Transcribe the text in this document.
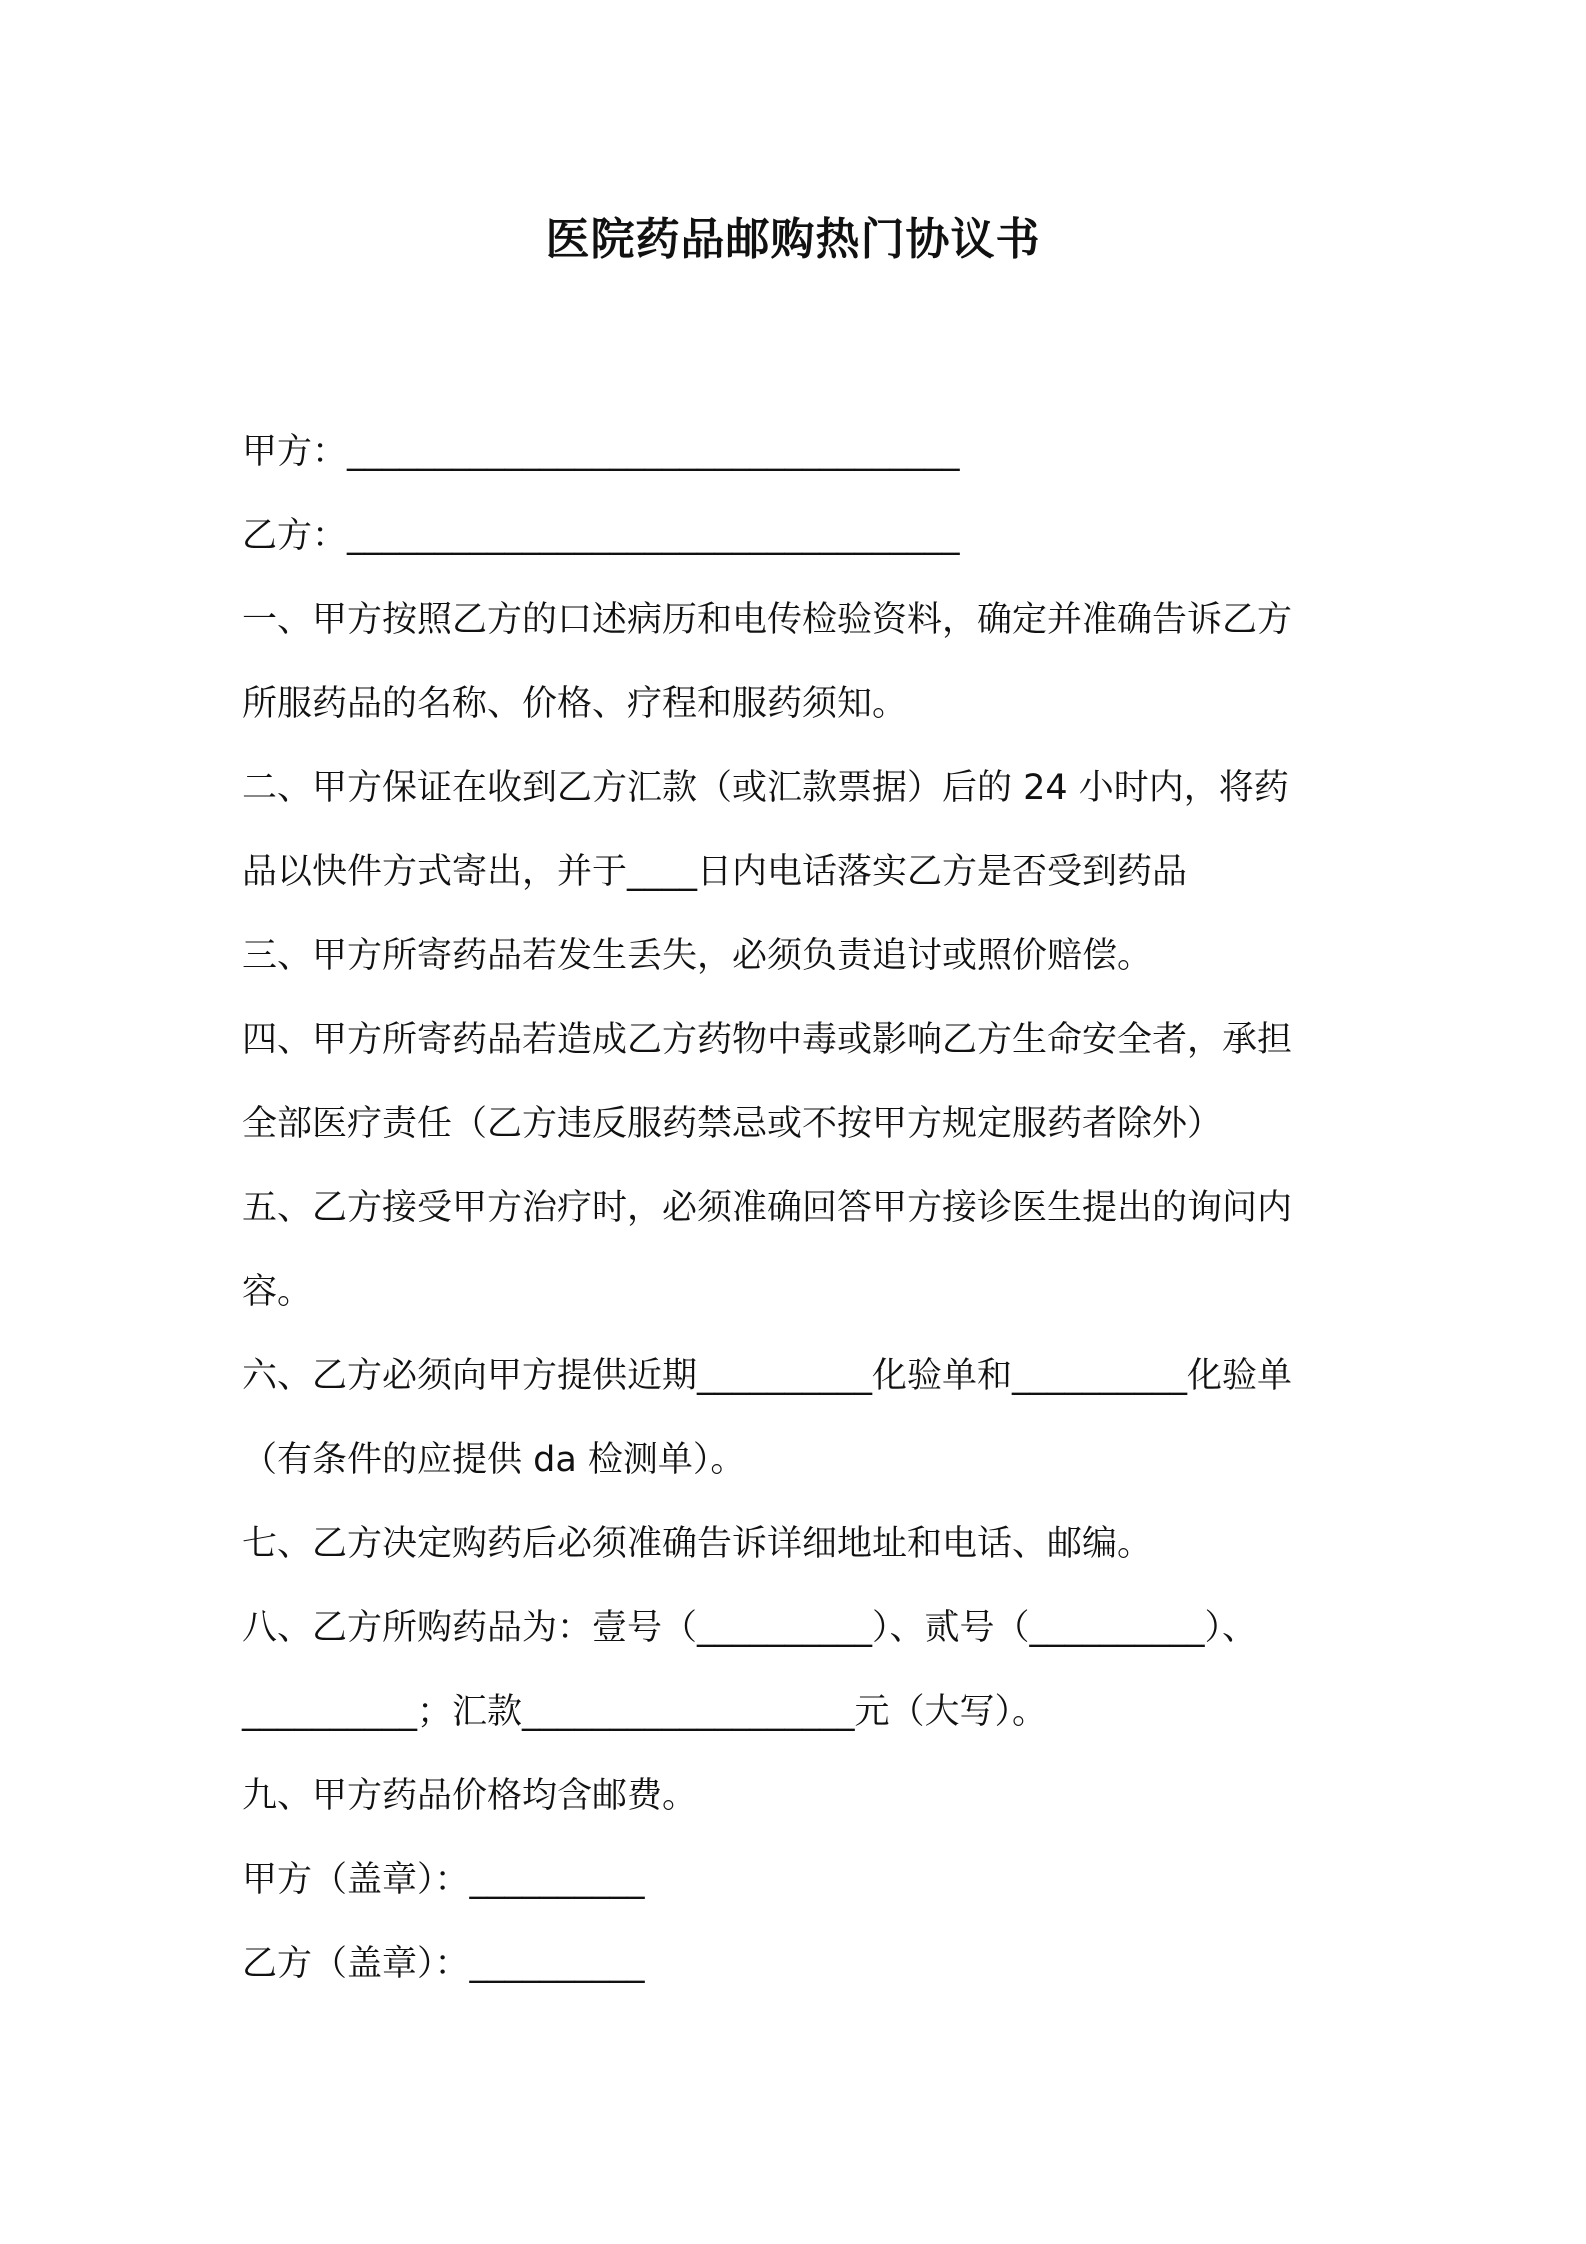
医院药品邮购热门协议书
甲方：___________________________________
乙方：___________________________________
一、甲方按照乙方的口述病历和电传检验资料，确定并准确告诉乙方
所服药品的名称、价格、疗程和服药须知。
二、甲方保证在收到乙方汇款（或汇款票据）后的 24 小时内，将药
品以快件方式寄出，并于____日内电话落实乙方是否受到药品
三、甲方所寄药品若发生丢失，必须负责追讨或照价赔偿。
四、甲方所寄药品若造成乙方药物中毒或影响乙方生命安全者，承担
全部医疗责任（乙方违反服药禁忌或不按甲方规定服药者除外）
五、乙方接受甲方治疗时，必须准确回答甲方接诊医生提出的询问内
容。
六、乙方必须向甲方提供近期__________化验单和__________化验单
（有条件的应提供 da 检测单）。
七、乙方决定购药后必须准确告诉详细地址和电话、邮编。
八、乙方所购药品为：壹号（__________）、贰号（__________）、
__________；汇款___________________元（大写）。
九、甲方药品价格均含邮费。
甲方（盖章）：__________
乙方（盖章）：__________
